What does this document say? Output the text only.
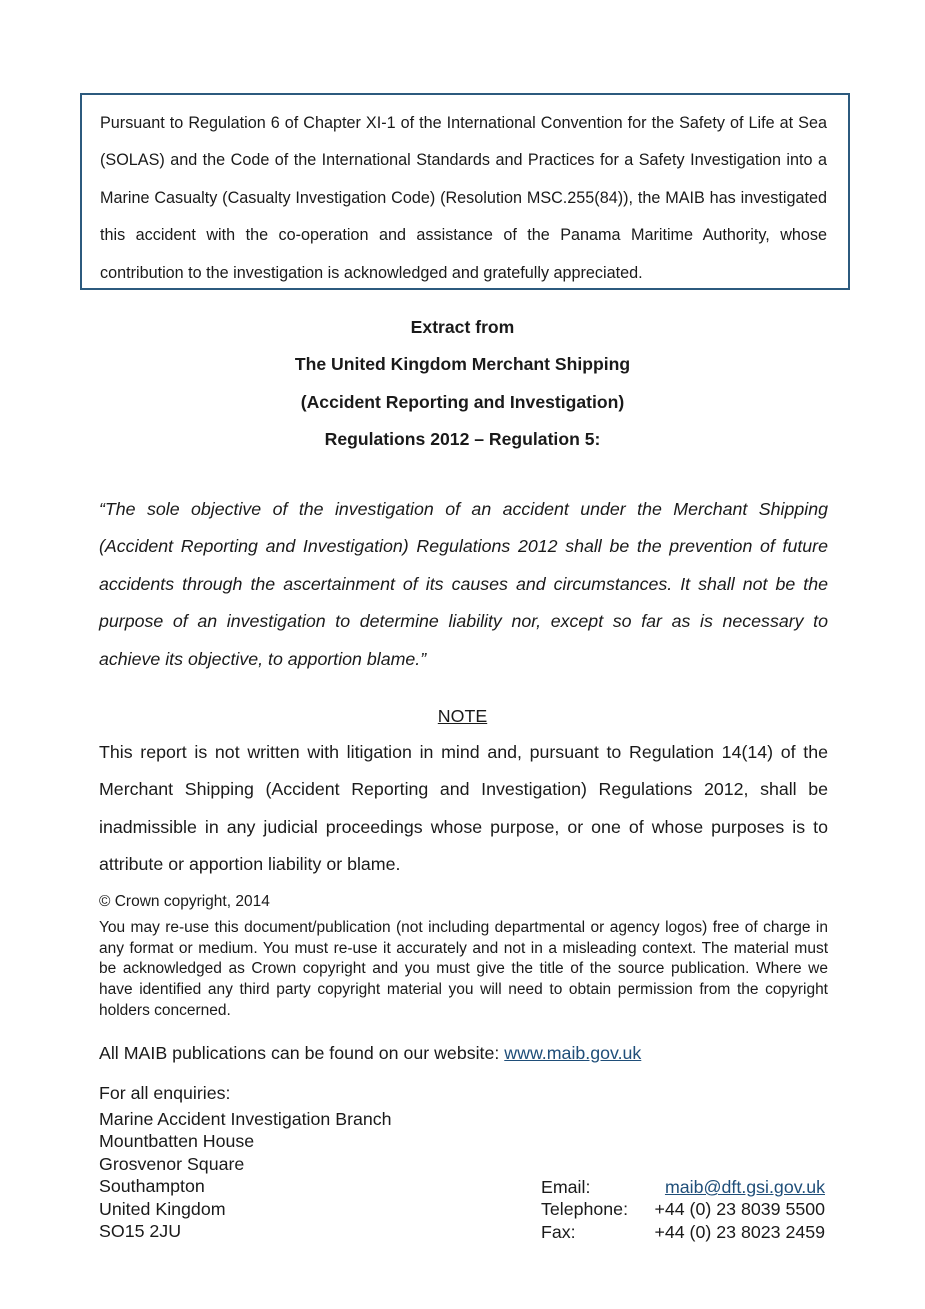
Pursuant to Regulation 6 of Chapter XI-1 of the International Convention for the Safety of Life at Sea (SOLAS) and the Code of the International Standards and Practices for a Safety Investigation into a Marine Casualty (Casualty Investigation Code) (Resolution MSC.255(84)), the MAIB has investigated this accident with the co-operation and assistance of the Panama Maritime Authority, whose contribution to the investigation is acknowledged and gratefully appreciated.

Extract from
The United Kingdom Merchant Shipping
(Accident Reporting and Investigation)
Regulations 2012 – Regulation 5:

“The sole objective of the investigation of an accident under the Merchant Shipping (Accident Reporting and Investigation) Regulations 2012 shall be the prevention of future accidents through the ascertainment of its causes and circumstances. It shall not be the purpose of an investigation to determine liability nor, except so far as is necessary to achieve its objective, to apportion blame.”

NOTE

This report is not written with litigation in mind and, pursuant to Regulation 14(14) of the Merchant Shipping (Accident Reporting and Investigation) Regulations 2012, shall be inadmissible in any judicial proceedings whose purpose, or one of whose purposes is to attribute or apportion liability or blame.

© Crown copyright, 2014

You may re-use this document/publication (not including departmental or agency logos) free of charge in any format or medium. You must re-use it accurately and not in a misleading context. The material must be acknowledged as Crown copyright and you must give the title of the source publication. Where we have identified any third party copyright material you will need to obtain permission from the copyright holders concerned.

All MAIB publications can be found on our website: www.maib.gov.uk
For all enquiries:
Marine Accident Investigation Branch
Mountbatten House
Grosvenor Square
Southampton
United Kingdom
SO15 2JU
Email:	maib@dft.gsi.gov.uk
Telephone:	+44 (0) 23 8039 5500
Fax:	+44 (0) 23 8023 2459
